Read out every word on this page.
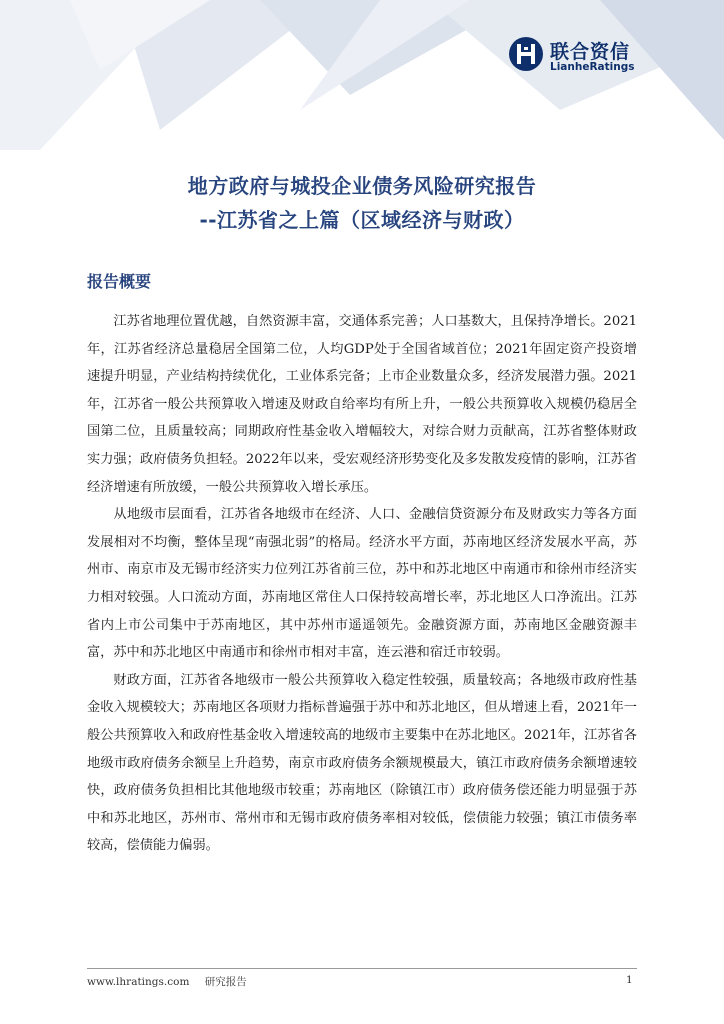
联合资信
LianheRatings
地方政府与城投企业债务风险研究报告
--江苏省之上篇（区域经济与财政）
报告概要

江苏省地理位置优越，自然资源丰富，交通体系完善；人口基数大，且保持净增长。2021年，江苏省经济总量稳居全国第二位，人均GDP处于全国省域首位；2021年固定资产投资增速提升明显，产业结构持续优化，工业体系完备；上市企业数量众多，经济发展潜力强。2021年，江苏省一般公共预算收入增速及财政自给率均有所上升，一般公共预算收入规模仍稳居全国第二位，且质量较高；同期政府性基金收入增幅较大，对综合财力贡献高，江苏省整体财政实力强；政府债务负担轻。2022年以来，受宏观经济形势变化及多发散发疫情的影响，江苏省经济增速有所放缓，一般公共预算收入增长承压。

从地级市层面看，江苏省各地级市在经济、人口、金融信贷资源分布及财政实力等各方面发展相对不均衡，整体呈现“南强北弱”的格局。经济水平方面，苏南地区经济发展水平高，苏州市、南京市及无锡市经济实力位列江苏省前三位，苏中和苏北地区中南通市和徐州市经济实力相对较强。人口流动方面，苏南地区常住人口保持较高增长率，苏北地区人口净流出。江苏省内上市公司集中于苏南地区，其中苏州市遥遥领先。金融资源方面，苏南地区金融资源丰富，苏中和苏北地区中南通市和徐州市相对丰富，连云港和宿迁市较弱。

财政方面，江苏省各地级市一般公共预算收入稳定性较强，质量较高；各地级市政府性基金收入规模较大；苏南地区各项财力指标普遍强于苏中和苏北地区，但从增速上看，2021年一般公共预算收入和政府性基金收入增速较高的地级市主要集中在苏北地区。2021年，江苏省各地级市政府债务余额呈上升趋势，南京市政府债务余额规模最大，镇江市政府债务余额增速较快，政府债务负担相比其他地级市较重；苏南地区（除镇江市）政府债务偿还能力明显强于苏中和苏北地区，苏州市、常州市和无锡市政府债务率相对较低，偿债能力较强；镇江市债务率较高，偿债能力偏弱。

www.lhratings.com 研究报告	1
